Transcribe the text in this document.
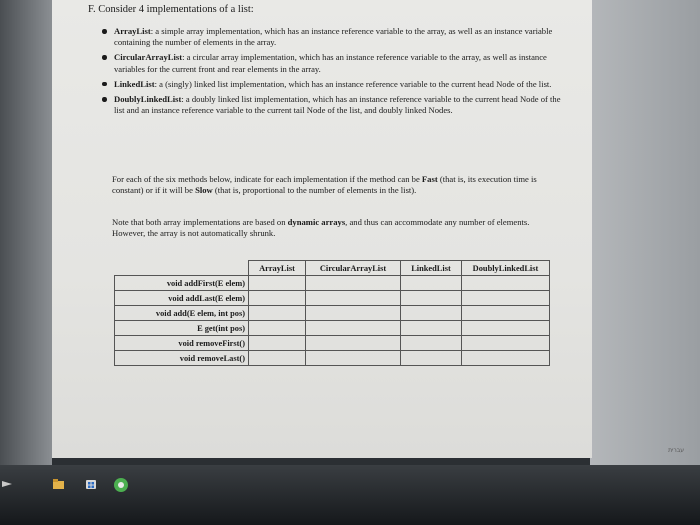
F. Consider 4 implementations of a list:
ArrayList: a simple array implementation, which has an instance reference variable to the array, as well as an instance variable containing the number of elements in the array.
CircularArrayList: a circular array implementation, which has an instance reference variable to the array, as well as instance variables for the current front and rear elements in the array.
LinkedList: a (singly) linked list implementation, which has an instance reference variable to the current head Node of the list.
DoublyLinkedList: a doubly linked list implementation, which has an instance reference variable to the current head Node of the list and an instance reference variable to the current tail Node of the list, and doubly linked Nodes.
For each of the six methods below, indicate for each implementation if the method can be Fast (that is, its execution time is constant) or if it will be Slow (that is, proportional to the number of elements in the list).
Note that both array implementations are based on dynamic arrays, and thus can accommodate any number of elements. However, the array is not automatically shrunk.
	ArrayList	CircularArrayList	LinkedList	DoublyLinkedList
void addFirst(E elem)				
void addLast(E elem)				
void add(E elem, int pos)				
E get(int pos)				
void removeFirst()				
void removeLast()				
עברית
